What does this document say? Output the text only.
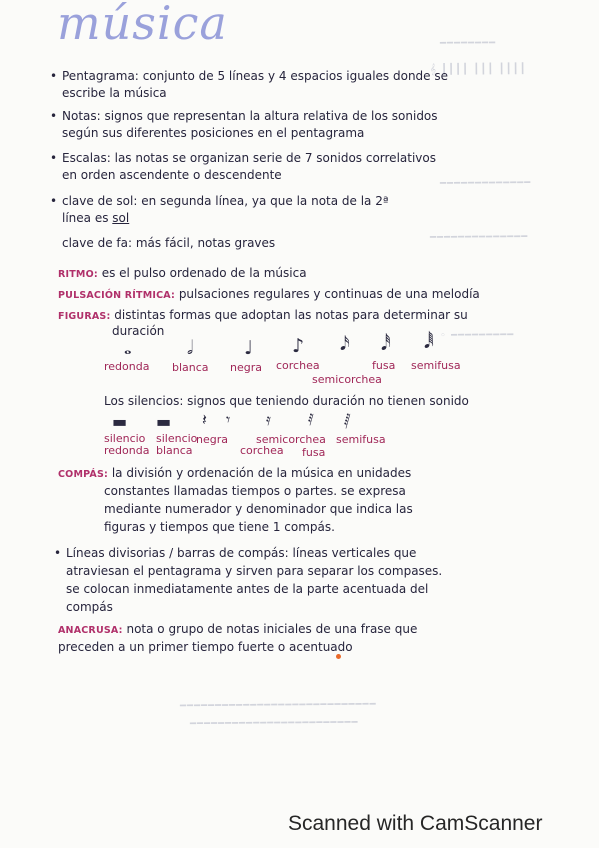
━━━━━━━━
𝄞 ┃┃┃┃ ┃┃┃ ┃┃┃┃
━━━━━━━━━━━━━
━━━━━━━━━━━━━━
◦ ━━━━━━━━━
━━━━━━━━━━━━━━━━━━━━━━━━━━━━
━━━━━━━━━━━━━━━━━━━━━━━━
música
• Pentagrama: conjunto de 5 líneas y 4 espacios iguales donde se
escribe la música
• Notas: signos que representan la altura relativa de los sonidos
según sus diferentes posiciones en el pentagrama
• Escalas: las notas se organizan serie de 7 sonidos correlativos
en orden ascendente o descendente
• clave de sol: en segunda línea, ya que la nota de la 2ª
línea es sol
clave de fa: más fácil, notas graves
RITMO: es el pulso ordenado de la música
PULSACIÓN RÍTMICA: pulsaciones regulares y continuas de una melodía
FIGURAS: distintas formas que adoptan las notas para determinar su
duración
𝅝	𝅗𝅥	♩ ♪ 𝅘𝅥𝅯 𝅘𝅥𝅰 𝅘𝅥𝅱
redonda blanca negra corchea
semicorchea
fusa semifusa
Los silencios: signos que teniendo duración no tienen sonido
▬ ▬ 𝄽 𝄾 𝄿 𝅀 𝅁
silencio redonda
silencio blanca
negra
corchea
semicorchea
fusa
semifusa
COMPÁS: la división y ordenación de la música en unidades
constantes llamadas tiempos o partes. se expresa
mediante numerador y denominador que indica las
figuras y tiempos que tiene 1 compás.
• Líneas divisorias / barras de compás: líneas verticales que
atraviesan el pentagrama y sirven para separar los compases.
se colocan inmediatamente antes de la parte acentuada del
compás
ANACRUSA: nota o grupo de notas iniciales de una frase que
preceden a un primer tiempo fuerte o acentuado
Scanned with CamScanner
